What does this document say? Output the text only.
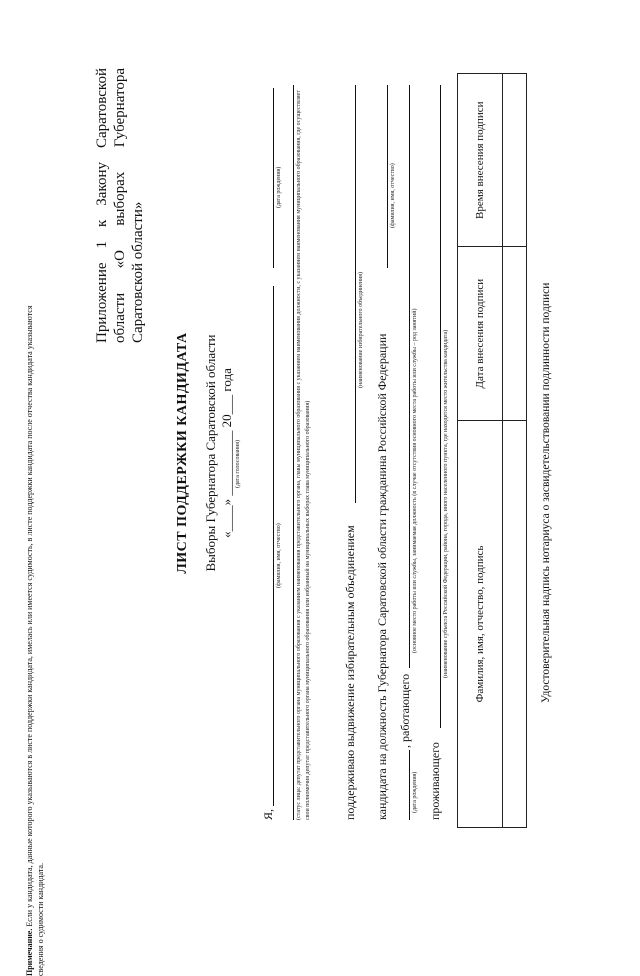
Приложение 1 к Закону Саратовской области «О выборах Губернатора Саратовской области»
ЛИСТ ПОДДЕРЖКИ КАНДИДАТА Выборы Губернатора Саратовской области «____» __________ 20___ года (дата голосования)
Я,
(фамилия, имя, отчество)
(дата рождения) (статус лица: депутат представительного органа муниципального образования с указанием наименования представительного органа, главы муниципального образования с указанием наименования должности, с указанием наименования муниципального образования, где осуществляет свои полномочия депутат представительного органа муниципального образования или избранный на муниципальных выборах глава муниципального образования)	поддерживаю выдвижение избирательным объединением
(наименование избирательного объединения)
кандидата на должность Губернатора Саратовской области гражданина Российской Федерации
(фамилия, имя, отчество)
, работающего
(дата рождения)
(основное место работы или службы, занимаемая должность (в случае отсутствия основного места работы или службы – род занятий)
проживающего
(наименование субъекта Российской Федерации, района, города, иного населенного пункта, где находится место жительства кандидата) Фамилия, имя, отчество, подпись	Дата внесения подписи	Время внесения подписи

Удостоверительная надпись нотариуса о засвидетельствовании подлинности подписи
Примечание. Если у кандидата, данные которого указываются в листе поддержки кандидата, имелась или имеется судимость, в листе поддержки кандидата после отчества кандидата указываются сведения о судимости кандидата.
